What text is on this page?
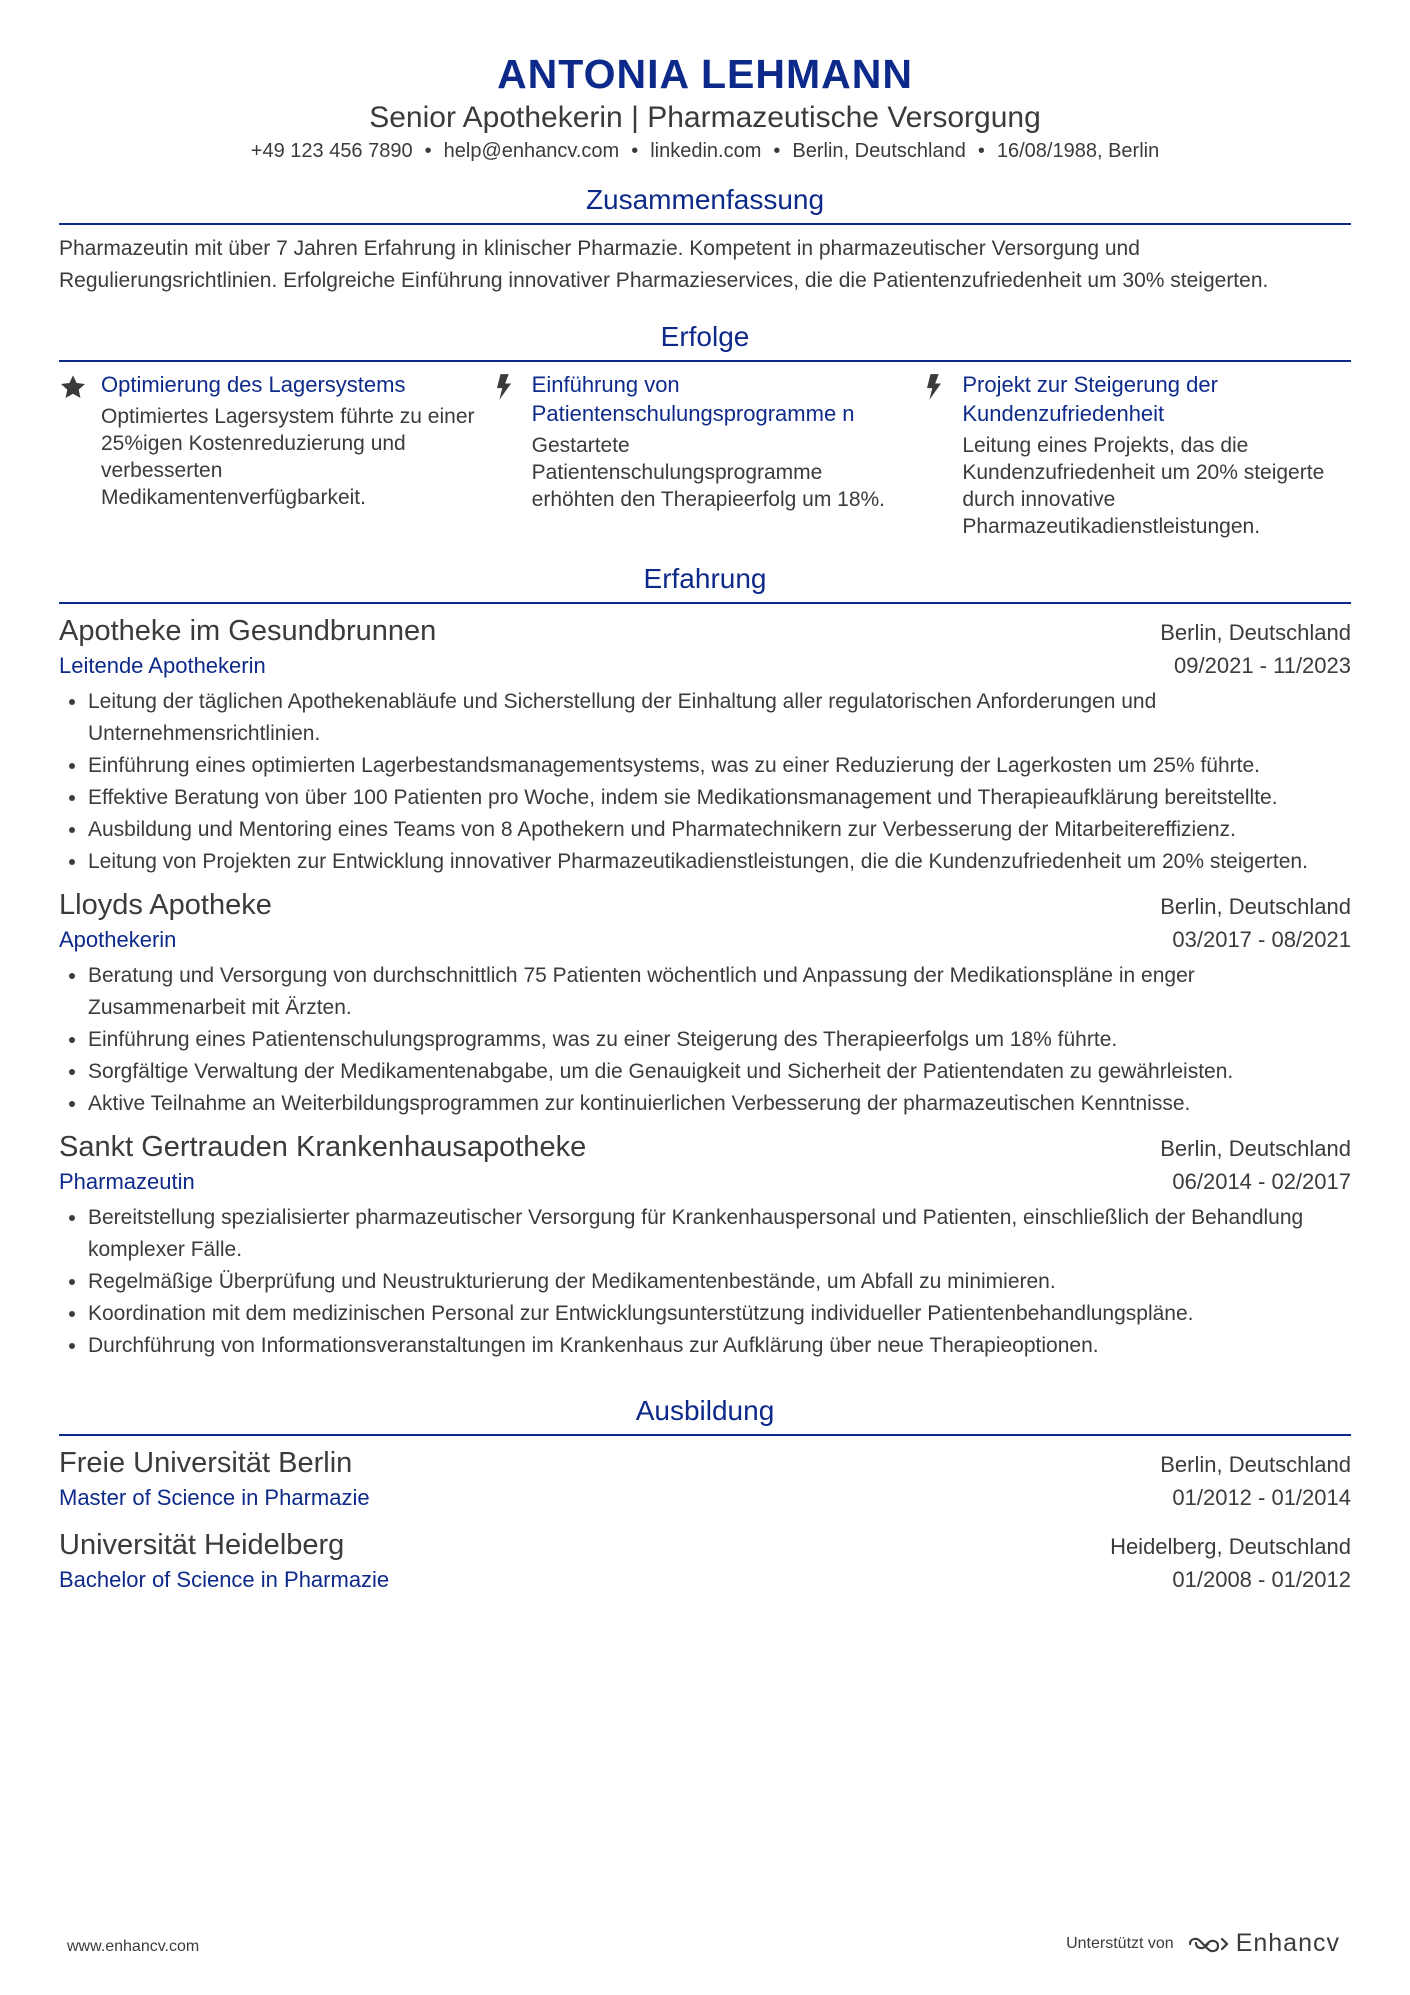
ANTONIA LEHMANN
Senior Apothekerin | Pharmazeutische Versorgung
+49 123 456 7890 • help@enhancv.com • linkedin.com • Berlin, Deutschland • 16/08/1988, Berlin
Zusammenfassung
Pharmazeutin mit über 7 Jahren Erfahrung in klinischer Pharmazie. Kompetent in pharmazeutischer Versorgung und Regulierungsrichtlinien. Erfolgreiche Einführung innovativer Pharmazieservices, die die Patientenzufriedenheit um 30% steigerten.
Erfolge
Optimierung des Lagersystems
Optimiertes Lagersystem führte zu einer 25%igen Kostenreduzierung und verbesserten Medikamentenverfügbarkeit.
Einführung von Patientenschulungsprogramme n
Gestartete Patientenschulungsprogramme erhöhten den Therapieerfolg um 18%.
Projekt zur Steigerung der Kundenzufriedenheit
Leitung eines Projekts, das die Kundenzufriedenheit um 20% steigerte durch innovative Pharmazeutikadienstleistungen.
Erfahrung
Apotheke im Gesundbrunnen	Berlin, Deutschland
Leitende Apothekerin	09/2021 - 11/2023
• Leitung der täglichen Apothekenabläufe und Sicherstellung der Einhaltung aller regulatorischen Anforderungen und Unternehmensrichtlinien.
• Einführung eines optimierten Lagerbestandsmanagementsystems, was zu einer Reduzierung der Lagerkosten um 25% führte.
• Effektive Beratung von über 100 Patienten pro Woche, indem sie Medikationsmanagement und Therapieaufklärung bereitstellte.
• Ausbildung und Mentoring eines Teams von 8 Apothekern und Pharmatechnikern zur Verbesserung der Mitarbeitereffizienz.
• Leitung von Projekten zur Entwicklung innovativer Pharmazeutikadienstleistungen, die die Kundenzufriedenheit um 20% steigerten.
Lloyds Apotheke	Berlin, Deutschland
Apothekerin	03/2017 - 08/2021
• Beratung und Versorgung von durchschnittlich 75 Patienten wöchentlich und Anpassung der Medikationspläne in enger Zusammenarbeit mit Ärzten.
• Einführung eines Patientenschulungsprogramms, was zu einer Steigerung des Therapieerfolgs um 18% führte.
• Sorgfältige Verwaltung der Medikamentenabgabe, um die Genauigkeit und Sicherheit der Patientendaten zu gewährleisten.
• Aktive Teilnahme an Weiterbildungsprogrammen zur kontinuierlichen Verbesserung der pharmazeutischen Kenntnisse.
Sankt Gertrauden Krankenhausapotheke	Berlin, Deutschland
Pharmazeutin	06/2014 - 02/2017
• Bereitstellung spezialisierter pharmazeutischer Versorgung für Krankenhauspersonal und Patienten, einschließlich der Behandlung komplexer Fälle.
• Regelmäßige Überprüfung und Neustrukturierung der Medikamentenbestände, um Abfall zu minimieren.
• Koordination mit dem medizinischen Personal zur Entwicklungsunterstützung individueller Patientenbehandlungspläne.
• Durchführung von Informationsveranstaltungen im Krankenhaus zur Aufklärung über neue Therapieoptionen.
Ausbildung
Freie Universität Berlin	Berlin, Deutschland
Master of Science in Pharmazie	01/2012 - 01/2014
Universität Heidelberg	Heidelberg, Deutschland
Bachelor of Science in Pharmazie	01/2008 - 01/2012
www.enhancv.com	Unterstützt von Enhancv
